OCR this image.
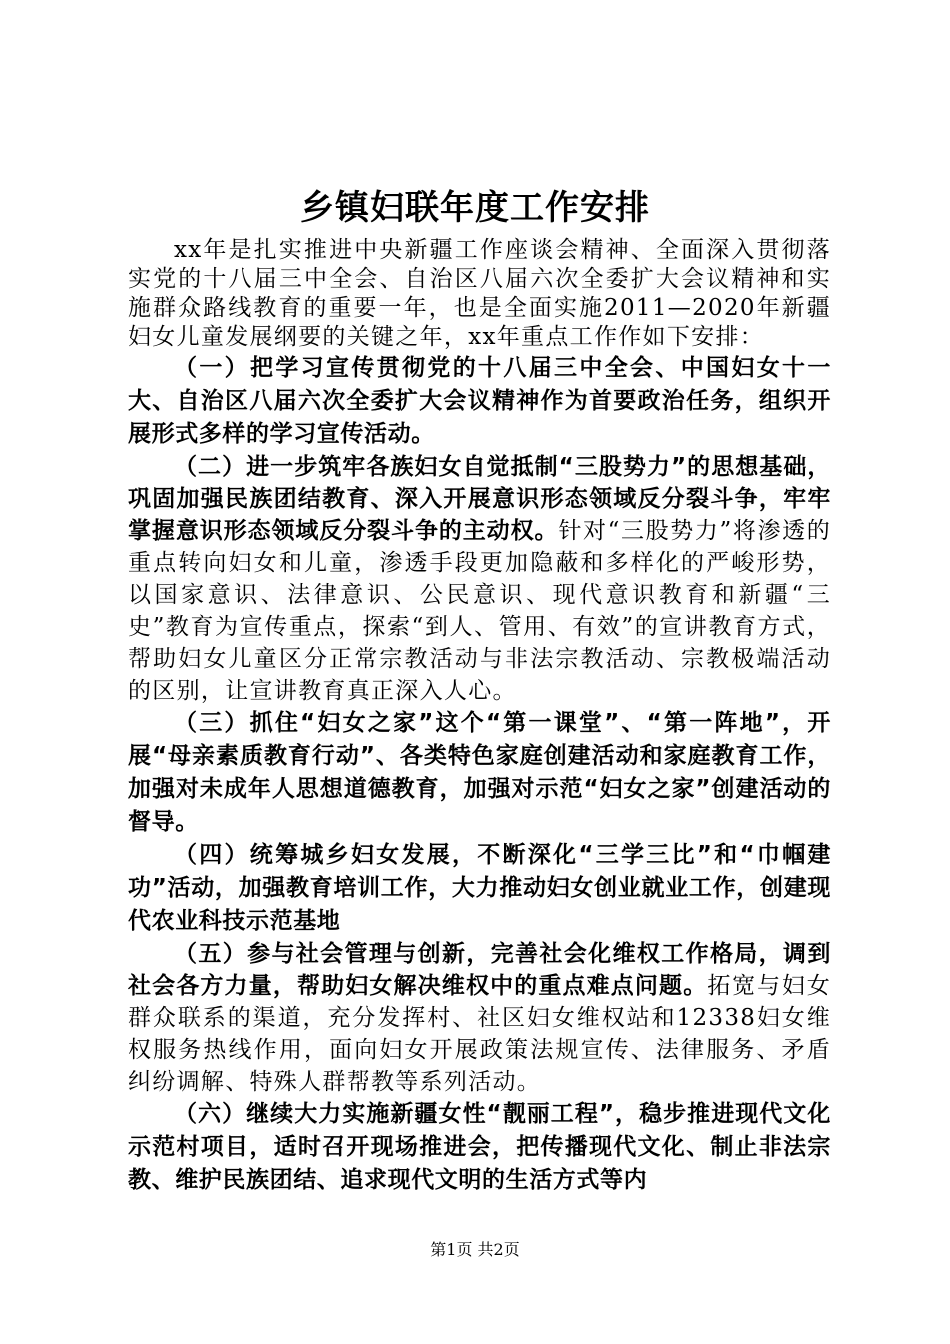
乡镇妇联年度工作安排

xx年是扎实推进中央新疆工作座谈会精神、全面深入贯彻落实党的十八届三中全会、自治区八届六次全委扩大会议精神和实施群众路线教育的重要一年，也是全面实施2011—2020年新疆妇女儿童发展纲要的关键之年，xx年重点工作作如下安排：

（一）把学习宣传贯彻党的十八届三中全会、中国妇女十一大、自治区八届六次全委扩大会议精神作为首要政治任务，组织开展形式多样的学习宣传活动。

（二）进一步筑牢各族妇女自觉抵制“三股势力”的思想基础，巩固加强民族团结教育、深入开展意识形态领域反分裂斗争，牢牢掌握意识形态领域反分裂斗争的主动权。针对“三股势力”将渗透的重点转向妇女和儿童，渗透手段更加隐蔽和多样化的严峻形势，以国家意识、法律意识、公民意识、现代意识教育和新疆“三史”教育为宣传重点，探索“到人、管用、有效”的宣讲教育方式，帮助妇女儿童区分正常宗教活动与非法宗教活动、宗教极端活动的区别，让宣讲教育真正深入人心。

（三）抓住“妇女之家”这个“第一课堂”、“第一阵地”，开展“母亲素质教育行动”、各类特色家庭创建活动和家庭教育工作，加强对未成年人思想道德教育，加强对示范“妇女之家”创建活动的督导。

（四）统筹城乡妇女发展，不断深化“三学三比”和“巾帼建功”活动，加强教育培训工作，大力推动妇女创业就业工作，创建现代农业科技示范基地

（五）参与社会管理与创新，完善社会化维权工作格局，调到社会各方力量，帮助妇女解决维权中的重点难点问题。拓宽与妇女群众联系的渠道，充分发挥村、社区妇女维权站和12338妇女维权服务热线作用，面向妇女开展政策法规宣传、法律服务、矛盾纠纷调解、特殊人群帮教等系列活动。

（六）继续大力实施新疆女性“靓丽工程”，稳步推进现代文化示范村项目，适时召开现场推进会，把传播现代文化、制止非法宗教、维护民族团结、追求现代文明的生活方式等内

第1页 共2页
